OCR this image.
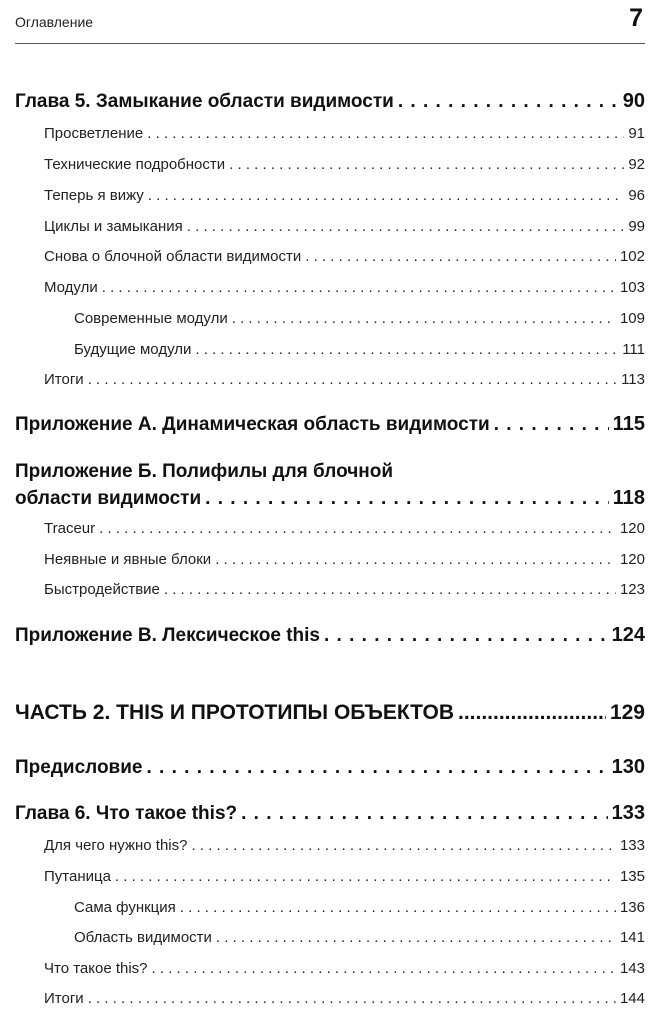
Оглавление	7
Глава 5. Замыкание области видимости . . .	90
Просветление . . .	91
Технические подробности . . .	92
Теперь я вижу . . .	96
Циклы и замыкания . . .	99
Снова о блочной области видимости . . .	102
Модули . . .	103
Современные модули . . .	109
Будущие модули . . .	111
Итоги . . .	113
Приложение А. Динамическая область видимости . . .	115
Приложение Б. Полифилы для блочной
области видимости . . .	118
Traceur . . .	120
Неявные и явные блоки . . .	120
Быстродействие . . .	123
Приложение В. Лексическое this . . .	124
ЧАСТЬ 2. THIS И ПРОТОТИПЫ ОБЪЕКТОВ .....	129
Предисловие . . .	130
Глава 6. Что такое this? . . .	133
Для чего нужно this? . . .	133
Путаница . . .	135
Сама функция . . .	136
Область видимости . . .	141
Что такое this? . . .	143
Итоги . . .	144
